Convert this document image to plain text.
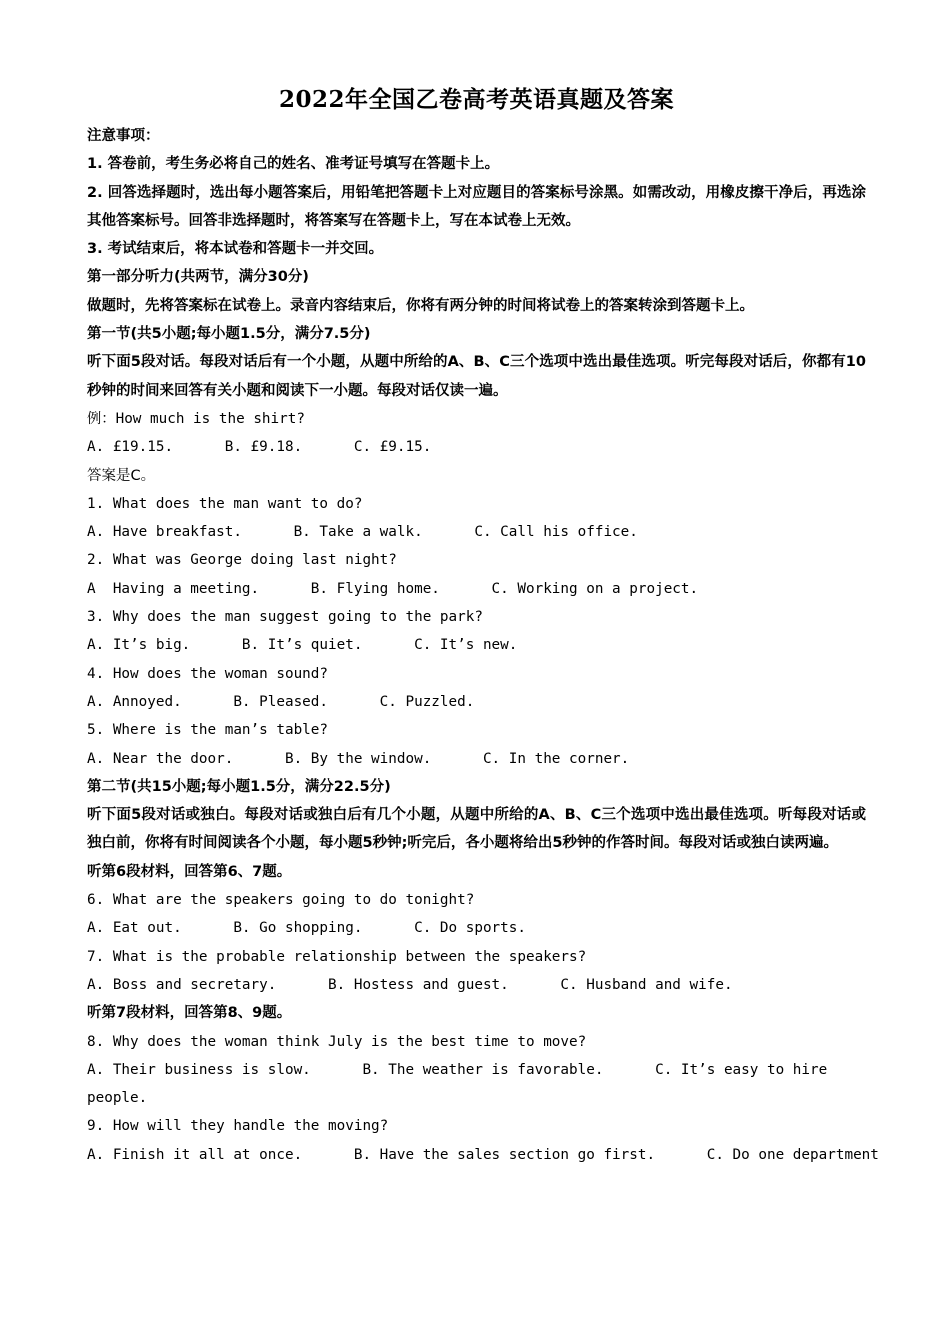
2022年全国乙卷高考英语真题及答案
注意事项：
1. 答卷前，考生务必将自己的姓名、准考证号填写在答题卡上。
2. 回答选择题时，选出每小题答案后，用铅笔把答题卡上对应题目的答案标号涂黑。如需改动，用橡皮擦干净后，再选涂其他答案标号。回答非选择题时，将答案写在答题卡上，写在本试卷上无效。
3. 考试结束后，将本试卷和答题卡一并交回。
第一部分听力(共两节，满分30分)
做题时，先将答案标在试卷上。录音内容结束后，你将有两分钟的时间将试卷上的答案转涂到答题卡上。
第一节(共5小题;每小题1.5分，满分7.5分)
听下面5段对话。每段对话后有一个小题，从题中所给的A、B、C三个选项中选出最佳选项。听完每段对话后，你都有10秒钟的时间来回答有关小题和阅读下一小题。每段对话仅读一遍。
例：How much is the shirt?
A. £19.15.      B. £9.18.      C. £9.15.
答案是C。
1. What does the man want to do?
A. Have breakfast.      B. Take a walk.      C. Call his office.
2. What was George doing last night?
A  Having a meeting.      B. Flying home.      C. Working on a project.
3. Why does the man suggest going to the park?
A. It’s big.      B. It’s quiet.      C. It’s new.
4. How does the woman sound?
A. Annoyed.      B. Pleased.      C. Puzzled.
5. Where is the man’s table?
A. Near the door.      B. By the window.      C. In the corner.
第二节(共15小题;每小题1.5分，满分22.5分)
听下面5段对话或独白。每段对话或独白后有几个小题，从题中所给的A、B、C三个选项中选出最佳选项。听每段对话或独白前，你将有时间阅读各个小题，每小题5秒钟;听完后，各小题将给出5秒钟的作答时间。每段对话或独白读两遍。
听第6段材料，回答第6、7题。
6. What are the speakers going to do tonight?
A. Eat out.      B. Go shopping.      C. Do sports.
7. What is the probable relationship between the speakers?
A. Boss and secretary.      B. Hostess and guest.      C. Husband and wife.
听第7段材料，回答第8、9题。
8. Why does the woman think July is the best time to move?
A. Their business is slow.      B. The weather is favorable.      C. It’s easy to hire
people.
9. How will they handle the moving?
A. Finish it all at once.      B. Have the sales section go first.      C. Do one department
